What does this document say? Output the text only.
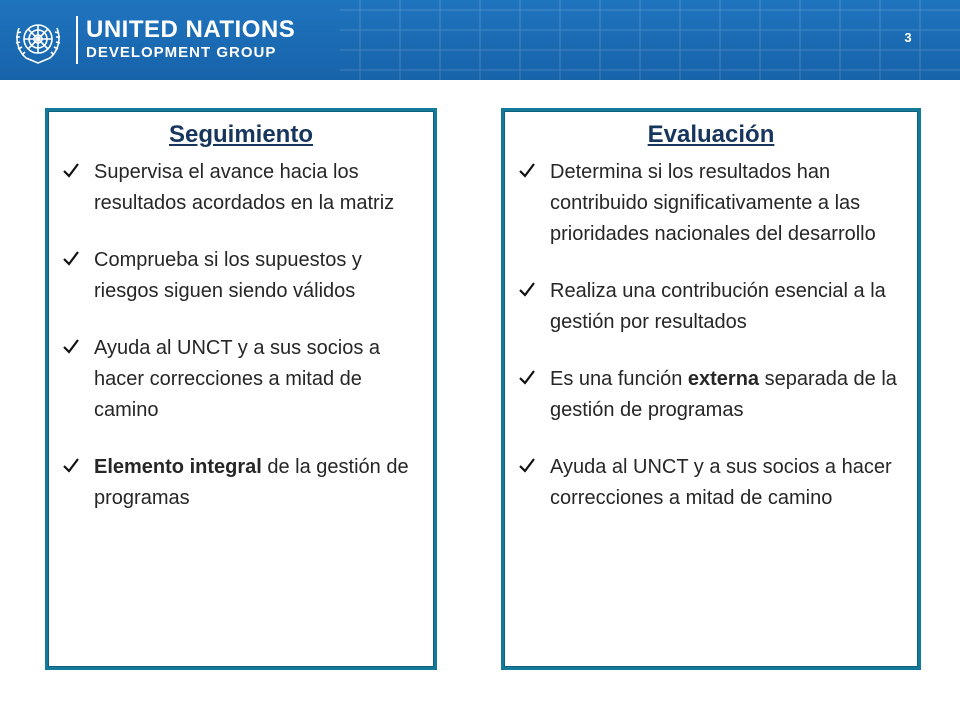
UNITED NATIONS
DEVELOPMENT GROUP
3
Seguimiento
Supervisa el avance hacia los resultados acordados en la matriz
Comprueba si los supuestos y riesgos siguen siendo válidos
Ayuda al UNCT y a sus socios a hacer correcciones a mitad de camino
Elemento integral de la gestión de programas
Evaluación
Determina si los resultados han contribuido significativamente a las prioridades nacionales del desarrollo
Realiza una contribución esencial a la gestión por resultados
Es una función externa separada de la gestión de programas
Ayuda al UNCT y a sus socios a hacer correcciones a mitad de camino
